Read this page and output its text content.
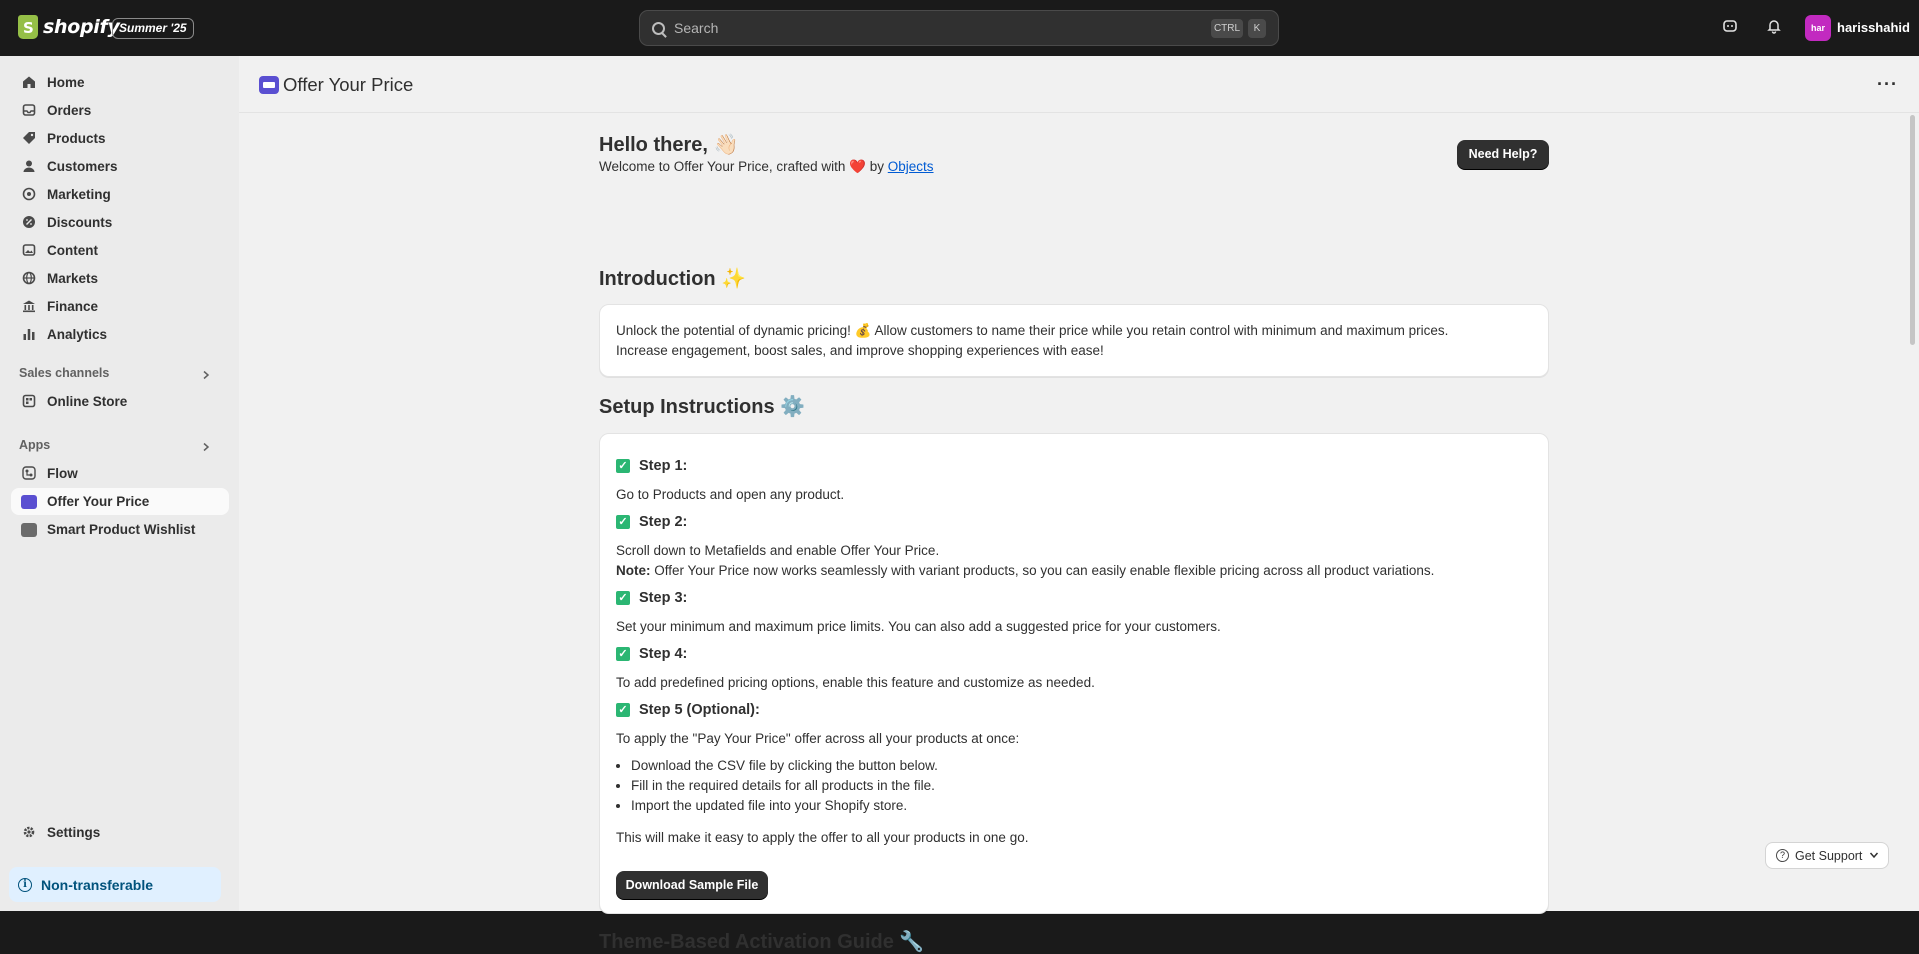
S
shopify Summer '25	Search	CTRL	K	har harisshahid
Home
Orders
Products
Customers
Marketing
Discounts
Content
Markets
Finance
Analytics
Sales channels
Online Store
Apps
Flow
Offer Your Price
Smart Product Wishlist
Settings
i	Non-transferable
Offer Your Price	···
Hello there, 👋🏻
Welcome to Offer Your Price, crafted with ❤️ by Objects
Need Help?
Introduction ✨

Unlock the potential of dynamic pricing! 💰 Allow customers to name their price while you retain control with minimum and maximum prices.

Increase engagement, boost sales, and improve shopping experiences with ease!

Setup Instructions ⚙️
✓ Step 1:
Go to Products and open any product.
✓ Step 2:
Scroll down to Metafields and enable Offer Your Price.
Note: Offer Your Price now works seamlessly with variant products, so you can easily enable flexible pricing across all product variations.
✓ Step 3:
Set your minimum and maximum price limits. You can also add a suggested price for your customers.
✓ Step 4:
To add predefined pricing options, enable this feature and customize as needed.
✓ Step 5 (Optional):
To apply the "Pay Your Price" offer across all your products at once:
• Download the CSV file by clicking the button below.
• Fill in the required details for all products in the file.
• Import the updated file into your Shopify store.
This will make it easy to apply the offer to all your products in one go.
Download Sample File
Theme-Based Activation Guide 🔧
? Get Support
